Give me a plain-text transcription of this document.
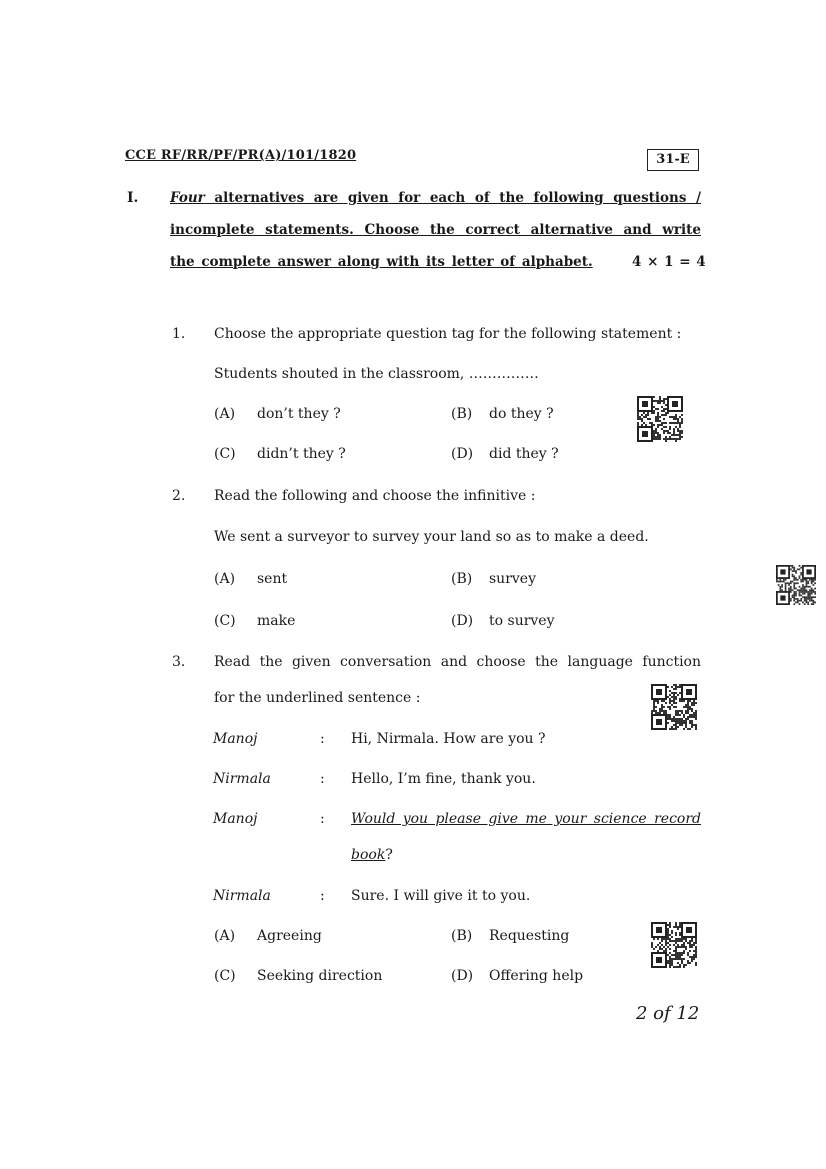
CCE RF/RR/PF/PR(A)/101/1820	31-E
I. Four alternatives are given for each of the following questions /
incomplete statements. Choose the correct alternative and write
the complete answer along with its letter of alphabet.	4 × 1 = 4
1. Choose the appropriate question tag for the following statement :
Students shouted in the classroom, ……………
(A) don’t they ?	(B) do they ?
(C) didn’t they ?	(D) did they ?
2. Read the following and choose the infinitive :
We sent a surveyor to survey your land so as to make a deed.
(A) sent	(B) survey
(C) make	(D) to survey
3. Read the given conversation and choose the language function
for the underlined sentence :
Manoj	: Hi, Nirmala. How are you ?
Nirmala	: Hello, I’m fine, thank you.
Manoj	: Would you please give me your science record
book?
Nirmala	: Sure. I will give it to you.
(A) Agreeing	(B) Requesting
(C) Seeking direction	(D) Offering help
2 of 12
